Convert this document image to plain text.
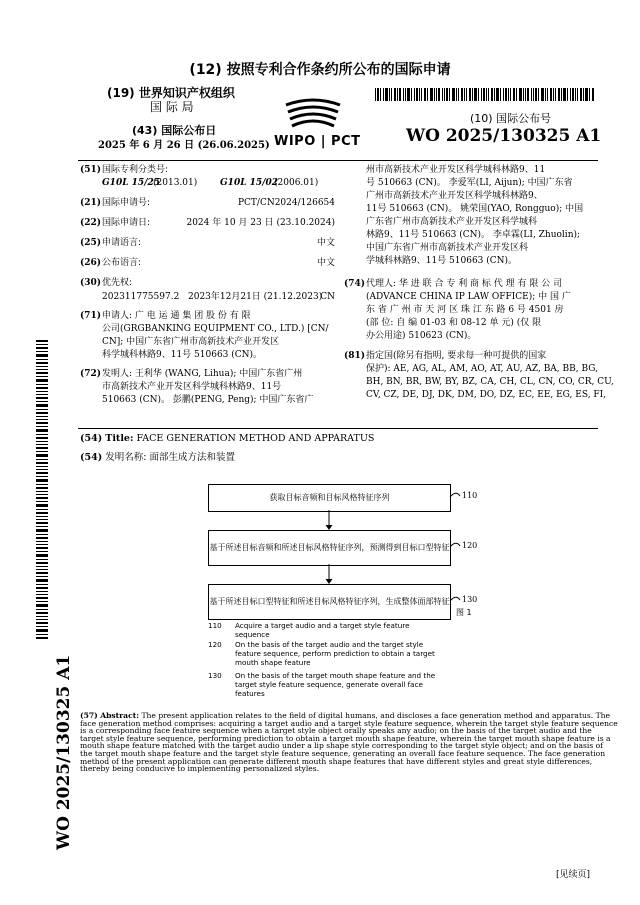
(12) 按照专利合作条约所公布的国际申请
(19) 世界知识产权组织
国 际 局
(43) 国际公布日
2025 年 6 月 26 日 (26.06.2025) WIPO | PCT
(10) 国际公布号
WO 2025/130325 A1
(51) 国际专利分类号:
G10L 15/25
(2013.01)	G10L 15/02
(2006.01)
(21) 国际申请号:	PCT/CN2024/126654
(22) 国际申请日:	2024 年 10 月 23 日 (23.10.2024)
(25) 申请语言:	中文
(26) 公布语言:	中文
(30) 优先权:
202311775597.2 2023年12月21日 (21.12.2023)
CN
(71) 申请人: 广 电 运 通 集 团 股 份 有 限
公司(GRGBANKING EQUIPMENT CO., LTD.) [CN/
CN]; 中国广东省广州市高新技术产业开发区
科学城科林路9、11号 510663 (CN)。
(72) 发明人: 王利华 (WANG, Lihua); 中国广东省广州
市高新技术产业开发区科学城科林路9、11号
510663 (CN)。 彭鹏(PENG, Peng); 中国广东省广
州市高新技术产业开发区科学城科林路9、11
号 510663 (CN)。 李爱军(LI, Aijun); 中国广东省
广州市高新技术产业开发区科学城科林路9、
11号 510663 (CN)。 姚荣国(YAO, Rongguo); 中国
广东省广州市高新技术产业开发区科学城科
林路9、11号 510663 (CN)。 李卓霖(LI, Zhuolin);
中国广东省广州市高新技术产业开发区科
学城科林路9、11号 510663 (CN)。
(74) 代理人: 华 进 联 合 专 利 商 标 代 理 有 限 公 司
(ADVANCE CHINA IP LAW OFFICE); 中 国 广
东 省 广 州 市 天 河 区 珠 江 东 路 6 号 4501 房
(部 位: 自 编 01-03 和 08-12 单 元) (仅 限
办公用途) 510623 (CN)。
(81) 指定国(除另有指明, 要求每一种可提供的国家
保护): AE, AG, AL, AM, AO, AT, AU, AZ, BA, BB, BG,
BH, BN, BR, BW, BY, BZ, CA, CH, CL, CN, CO, CR, CU,
CV, CZ, DE, DJ, DK, DM, DO, DZ, EC, EE, EG, ES, FI,
(54) Title: FACE GENERATION METHOD AND APPARATUS
(54) 发明名称: 面部生成方法和装置
获取目标音频和目标风格特征序列
基于所述目标音频和所述目标风格特征序列，预测得到目标口型特征
基于所述目标口型特征和所述目标风格特征序列，生成整体面部特征
110
120
130
图 1
110 Acquire a target audio and a target style feature
sequence
120 On the basis of the target audio and the target style
feature sequence, perform prediction to obtain a target
mouth shape feature
130 On the basis of the target mouth shape feature and the
target style feature sequence, generate overall face
features
(57) Abstract: The present application relates to the field of digital humans, and discloses a face generation method and apparatus. The
face generation method comprises: acquiring a target audio and a target style feature sequence, wherein the target style feature sequence
is a corresponding face feature sequence when a target style object orally speaks any audio; on the basis of the target audio and the
target style feature sequence, performing prediction to obtain a target mouth shape feature, wherein the target mouth shape feature is a
mouth shape feature matched with the target audio under a lip shape style corresponding to the target style object; and on the basis of
the target mouth shape feature and the target style feature sequence, generating an overall face feature sequence. The face generation
method of the present application can generate different mouth shape features that have different styles and great style differences,
thereby being conducive to implementing personalized styles.
WO 2025/130325 A1
[见续页]
